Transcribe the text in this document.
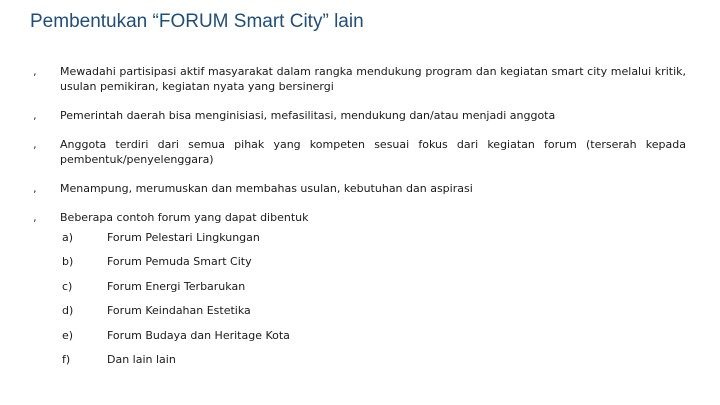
Pembentukan “FORUM Smart City” lain
‚	Mewadahi partisipasi aktif masyarakat dalam rangka mendukung program dan kegiatan smart city melalui kritik, usulan pemikiran, kegiatan nyata yang bersinergi
‚	Pemerintah daerah bisa menginisiasi, mefasilitasi, mendukung dan/atau menjadi anggota
‚	Anggota terdiri dari semua pihak yang kompeten sesuai fokus dari kegiatan forum (terserah kepada pembentuk/penyelenggara)
‚	Menampung, merumuskan dan membahas usulan, kebutuhan dan aspirasi
‚	Beberapa contoh forum yang dapat dibentuk
a)	Forum Pelestari Lingkungan
b)	Forum Pemuda Smart City
c)	Forum Energi Terbarukan
d)	Forum Keindahan Estetika
e)	Forum Budaya dan Heritage Kota
f)	Dan lain lain
